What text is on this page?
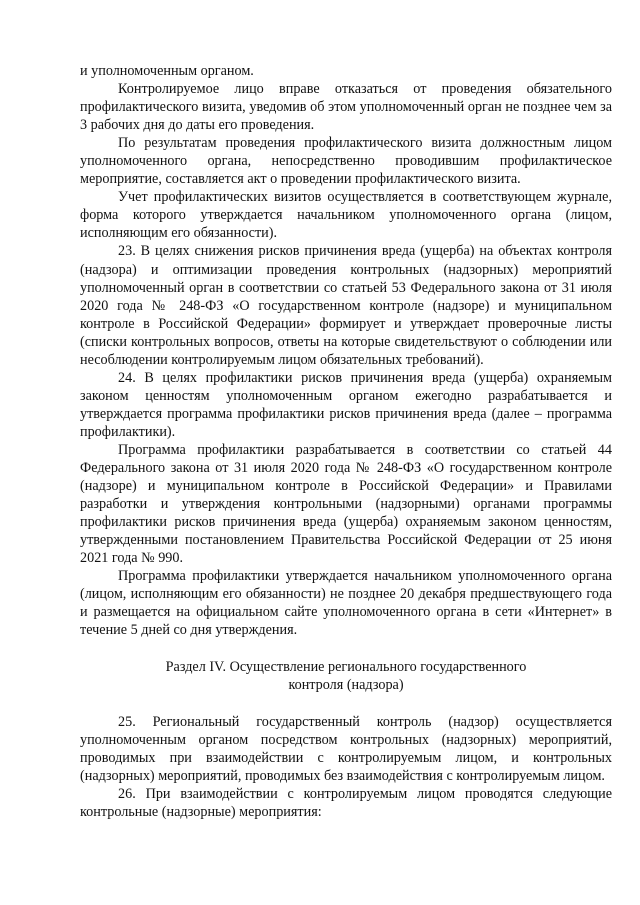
и уполномоченным органом.

Контролируемое лицо вправе отказаться от проведения обязательного профилактического визита, уведомив об этом уполномоченный орган не позднее чем за 3 рабочих дня до даты его проведения.

По результатам проведения профилактического визита должностным лицом уполномоченного органа, непосредственно проводившим профилактическое мероприятие, составляется акт о проведении профилактического визита.

Учет профилактических визитов осуществляется в соответствующем журнале, форма которого утверждается начальником уполномоченного органа (лицом, исполняющим его обязанности).

23. В целях снижения рисков причинения вреда (ущерба) на объектах контроля (надзора) и оптимизации проведения контрольных (надзорных) мероприятий уполномоченный орган в соответствии со статьей 53 Федерального закона от 31 июля 2020 года № 248-ФЗ «О государственном контроле (надзоре) и муниципальном контроле в Российской Федерации» формирует и утверждает проверочные листы (списки контрольных вопросов, ответы на которые свидетельствуют о соблюдении или несоблюдении контролируемым лицом обязательных требований).

24. В целях профилактики рисков причинения вреда (ущерба) охраняемым законом ценностям уполномоченным органом ежегодно разрабатывается и утверждается программа профилактики рисков причинения вреда (далее – программа профилактики).

Программа профилактики разрабатывается в соответствии со статьей 44 Федерального закона от 31 июля 2020 года № 248-ФЗ «О государственном контроле (надзоре) и муниципальном контроле в Российской Федерации» и Правилами разработки и утверждения контрольными (надзорными) органами программы профилактики рисков причинения вреда (ущерба) охраняемым законом ценностям, утвержденными постановлением Правительства Российской Федерации от 25 июня 2021 года № 990.

Программа профилактики утверждается начальником уполномоченного органа (лицом, исполняющим его обязанности) не позднее 20 декабря предшествующего года и размещается на официальном сайте уполномоченного органа в сети «Интернет» в течение 5 дней со дня утверждения.

Раздел IV. Осуществление регионального государственного
контроля (надзора)

25. Региональный государственный контроль (надзор) осуществляется уполномоченным органом посредством контрольных (надзорных) мероприятий, проводимых при взаимодействии с контролируемым лицом, и контрольных (надзорных) мероприятий, проводимых без взаимодействия с контролируемым лицом.

26. При взаимодействии с контролируемым лицом проводятся следующие контрольные (надзорные) мероприятия:
